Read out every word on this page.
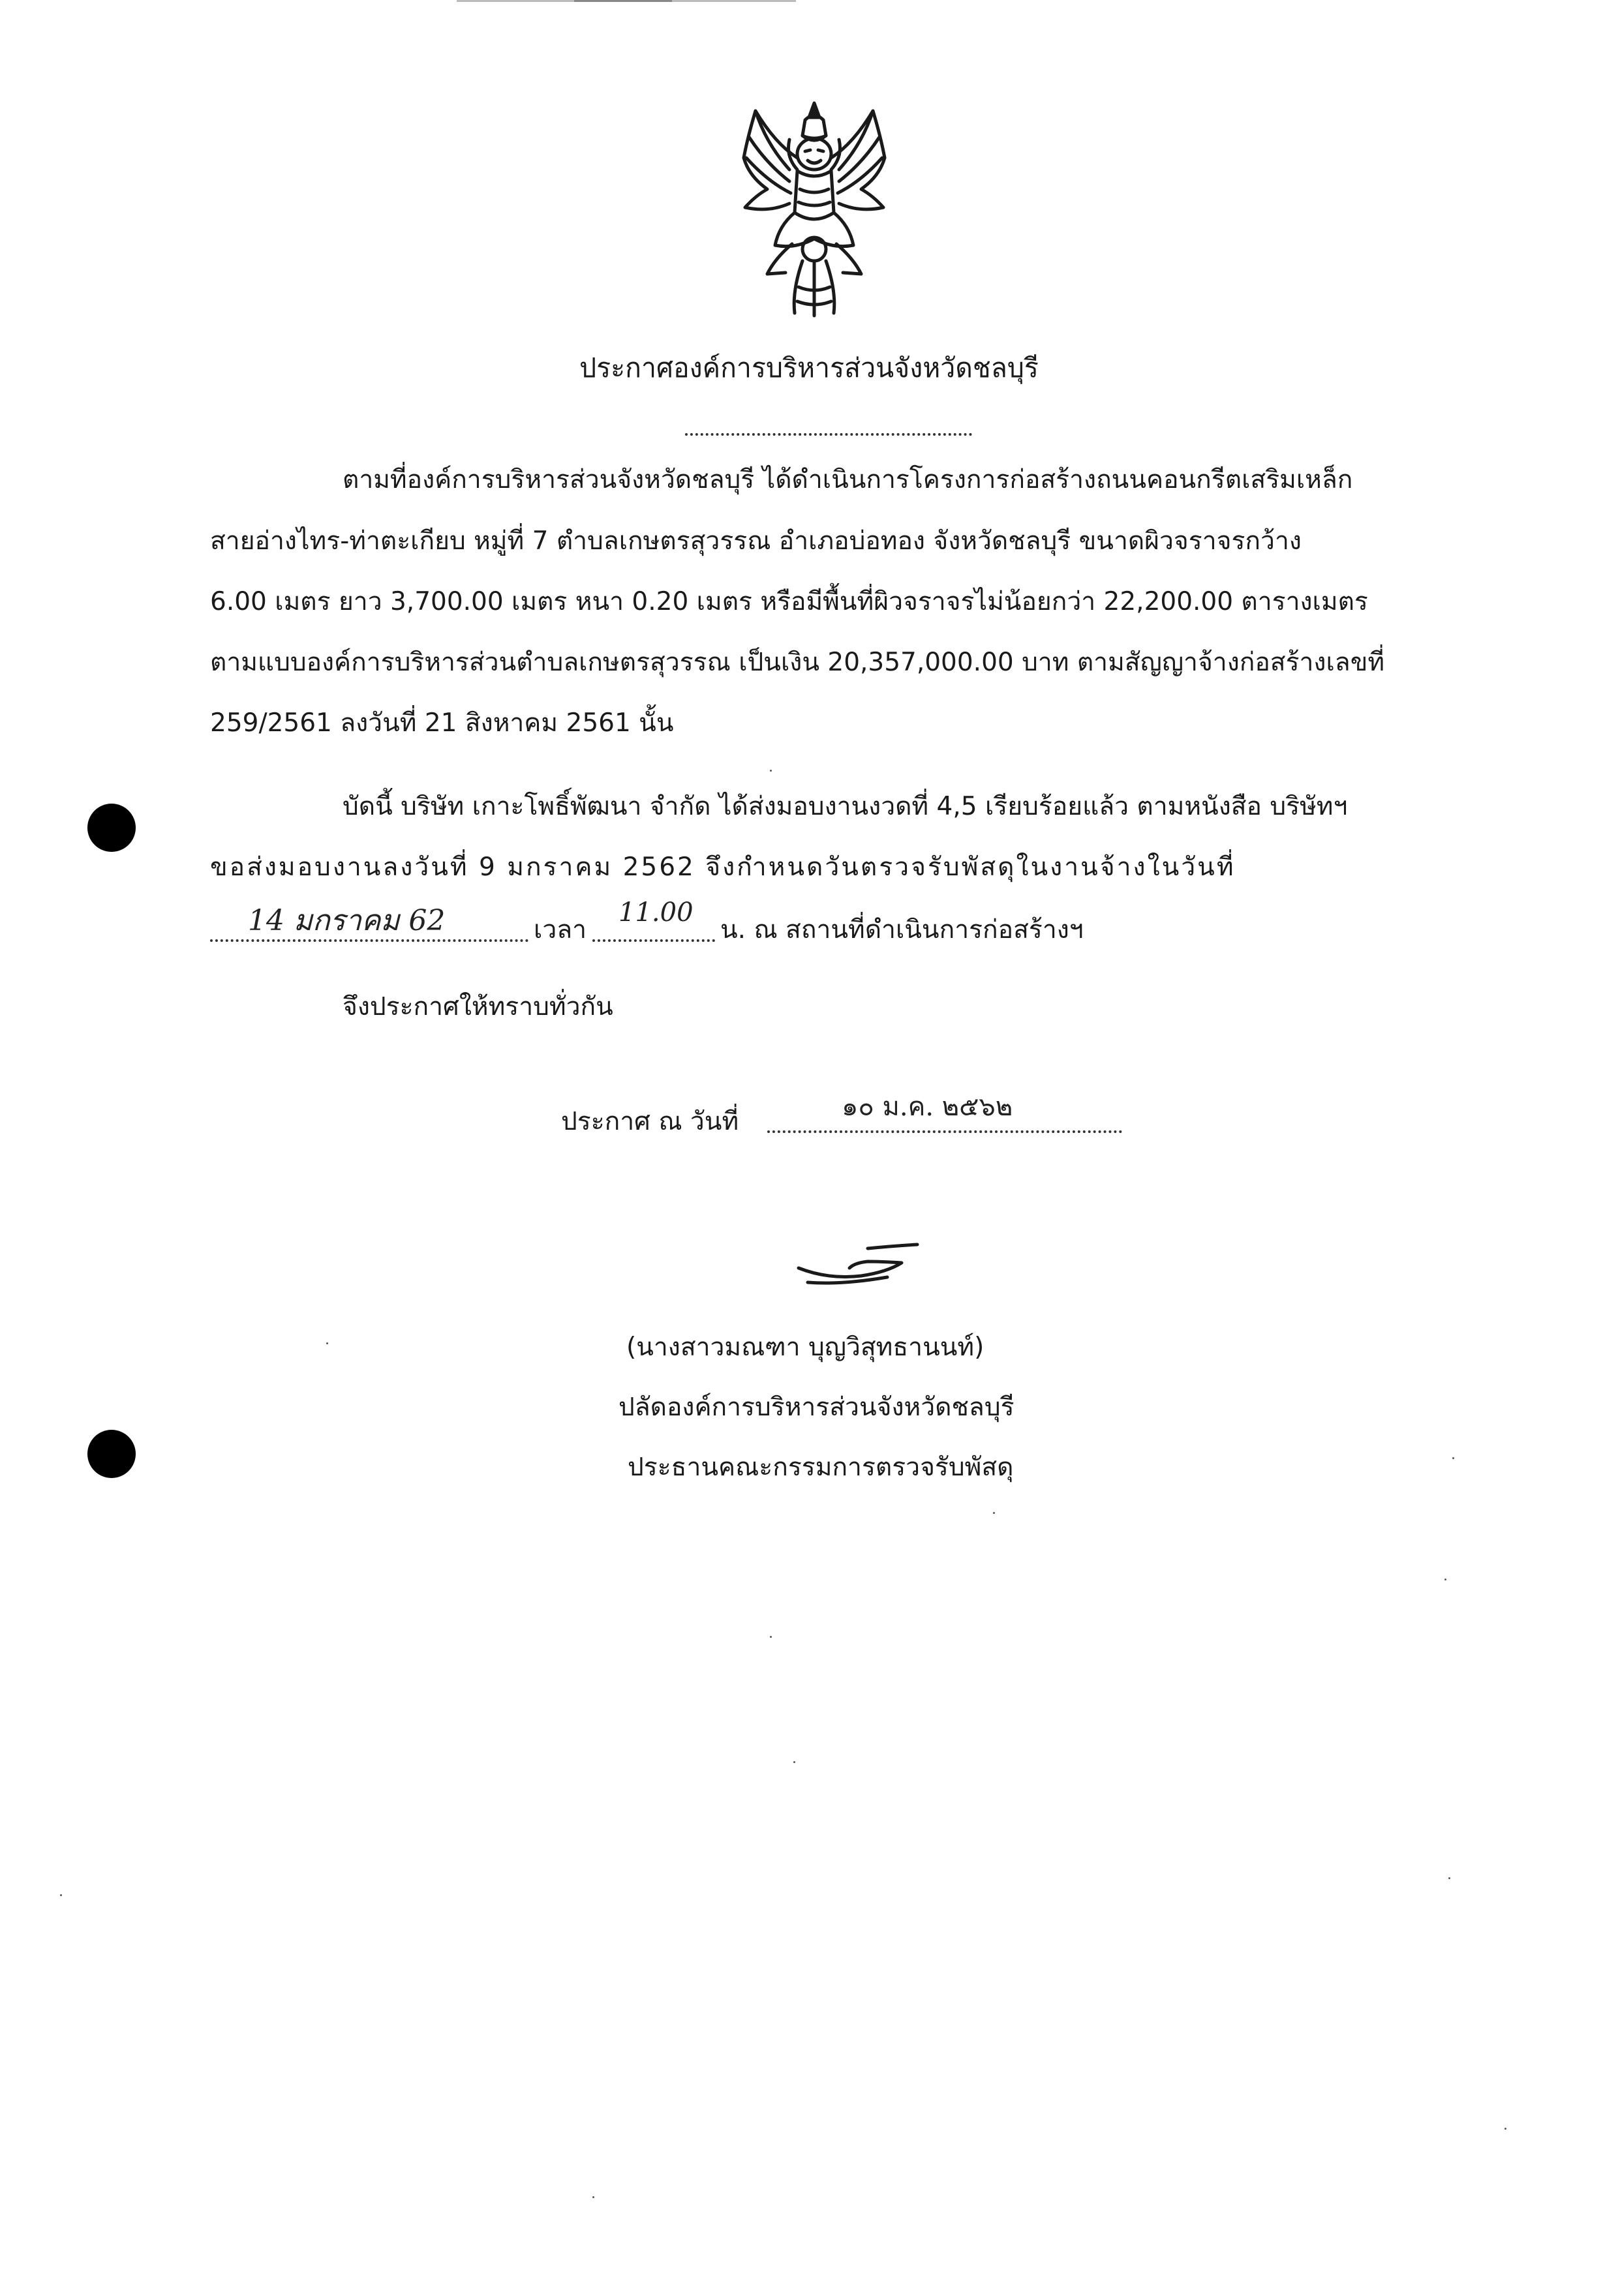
ประกาศองค์การบริหารส่วนจังหวัดชลบุรี
ตามที่องค์การบริหารส่วนจังหวัดชลบุรี ได้ดำเนินการโครงการก่อสร้างถนนคอนกรีตเสริมเหล็ก
สายอ่างไทร-ท่าตะเกียบ หมู่ที่ 7 ตำบลเกษตรสุวรรณ อำเภอบ่อทอง จังหวัดชลบุรี ขนาดผิวจราจรกว้าง
6.00 เมตร ยาว 3,700.00 เมตร หนา 0.20 เมตร หรือมีพื้นที่ผิวจราจรไม่น้อยกว่า 22,200.00 ตารางเมตร
ตามแบบองค์การบริหารส่วนตำบลเกษตรสุวรรณ เป็นเงิน 20,357,000.00 บาท ตามสัญญาจ้างก่อสร้างเลขที่
259/2561 ลงวันที่ 21 สิงหาคม 2561 นั้น
บัดนี้ บริษัท เกาะโพธิ์พัฒนา จำกัด ได้ส่งมอบงานงวดที่ 4,5 เรียบร้อยแล้ว ตามหนังสือ บริษัทฯ
ขอส่งมอบงานลงวันที่ 9 มกราคม 2562 จึงกำหนดวันตรวจรับพัสดุในงานจ้างในวันที่
14 มกราคม 62	เวลา
11.00
น. ณ สถานที่ดำเนินการก่อสร้างฯ
จึงประกาศให้ทราบทั่วกัน
ประกาศ ณ วันที่	๑๐ ม.ค. ๒๕๖๒
(นางสาวมณฑา บุญวิสุทธานนท์)
ปลัดองค์การบริหารส่วนจังหวัดชลบุรี
ประธานคณะกรรมการตรวจรับพัสดุ
